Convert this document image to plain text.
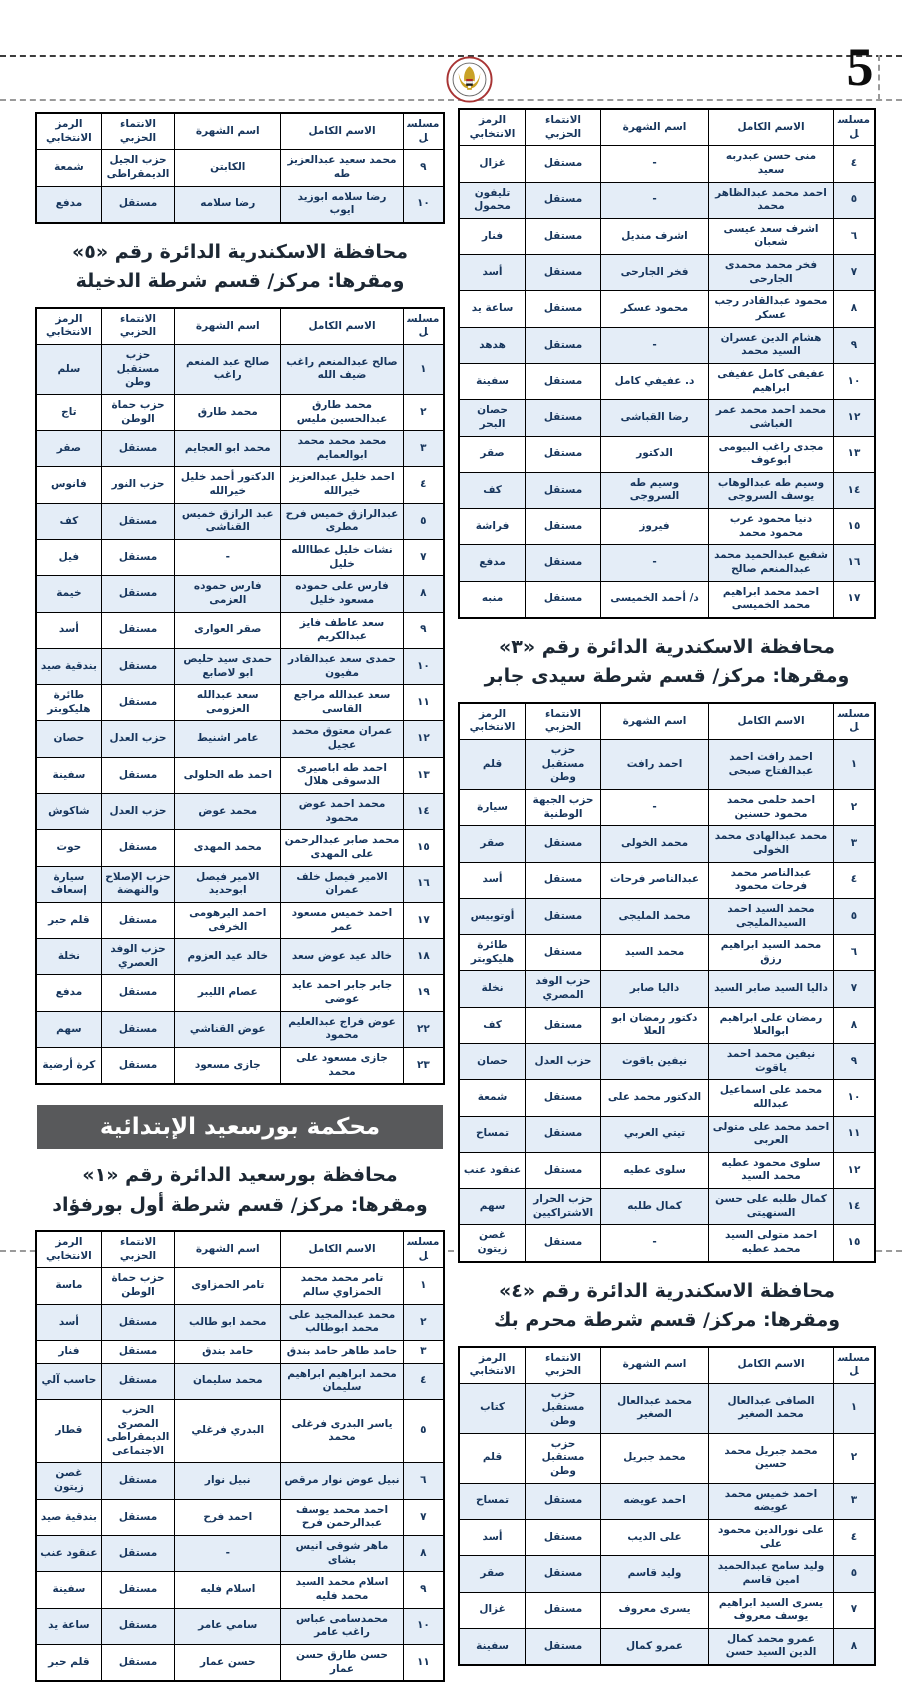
5
مسلسل	الاسم الكامل	اسم الشهرة	الانتماء الحزبي	الرمز الانتخابي
٩	محمد سعيد عبدالعزيز طه	الكابتن	حزب الجيل الديمقراطى	شمعة
١٠	رضا سلامه ابوزيد ايوب	رضا سلامه	مستقل	مدفع
محافظة الاسكندرية الدائرة رقم «٥»
ومقرها: مركز/ قسم شرطة الدخيلة
مسلسل	الاسم الكامل	اسم الشهرة	الانتماء الحزبي	الرمز الانتخابي
١	صالح عبدالمنعم راغب ضيف الله	صالح عبد المنعم راغب	حزب مستقبل وطن	سلم
٢	محمد طارق عبدالحسين مليس	محمد طارق	حزب حماة الوطن	تاج
٣	محمد محمد محمد ابوالعمايم	محمد ابو العجايم	مستقل	صقر
٤	احمد خليل عبدالعزيز خيرالله	الدكتور أحمد خليل خيرالله	حزب النور	فانوس
٥	عبدالرازق خميس فرح مطرى	عبد الرازق خميس القناشى	مستقل	كف
٧	نشات خليل عطاالله خليل	-	مستقل	فيل
٨	فارس على حموده مسعود خليل	فارس حموده العزمى	مستقل	خيمة
٩	سعد عاطف فايز عبدالكريم	صقر العوارى	مستقل	أسد
١٠	حمدى سعد عبدالقادر مفيون	حمدى سيد حليص ابو لاصابع	مستقل	بندقية صيد
١١	سعد عبدالله مراجع القاسى	سعد عبدالله العزومى	مستقل	طائرة هليكوبتر
١٢	عمران معتوق محمد عجيل	عامر اشنيط	حزب العدل	حصان
١٣	احمد طه اباصيرى الدسوقى هلال	احمد طه الحلولى	مستقل	سفينة
١٤	محمد احمد عوض محمود	محمد عوض	حزب العدل	شاكوش
١٥	محمد صابر عبدالرحمن على المهدى	محمد المهدى	مستقل	حوت
١٦	الامير فيصل خلف عمران	الامير فيصل ابوحديد	حزب الإصلاح والنهضة	سيارة إسعاف
١٧	احمد خميس مسعود عمر	احمد اليرهومى الخرفى	مستقل	قلم حبر
١٨	خالد عيد عوض سعد	خالد عيد العزوم	حزب الوفد العصري	نخلة
١٩	جابر جابر احمد عايد عوضى	عصام الليبر	مستقل	مدفع
٢٢	عوض فراج عبدالعليم محمود	عوض القناشي	مستقل	سهم
٢٣	جازى مسعود على محمد	جازى مسعود	مستقل	كرة أرضية
محكمة بورسعيد الإبتدائية
محافظة بورسعيد الدائرة رقم «١»
ومقرها: مركز/ قسم شرطة أول بورفؤاد
مسلسل	الاسم الكامل	اسم الشهرة	الانتماء الحزبي	الرمز الانتخابي
١	تامر محمد محمد الحمزاوي سالم	تامر الحمزاوى	حزب حماة الوطن	ماسة
٢	محمد عبدالمجيد على محمد ابوطالب	محمد ابو طالب	مستقل	أسد
٣	حامد طاهر حامد بندق	حامد بندق	مستقل	فنار
٤	محمد ابراهيم ابراهيم سليمان	محمد سليمان	مستقل	حاسب آلي
٥	ياسر البدرى فرغلى محمد	البدري فرغلي	الحزب المصرى الديمقراطى الاجتماعى	قطار
٦	نبيل عوض نوار مرقص	نبيل نوار	مستقل	غصن زيتون
٧	احمد محمد يوسف عبدالرحمن فرح	احمد فرح	مستقل	بندقية صيد
٨	ماهر شوقى انيس بشاى	-	مستقل	عنقود عنب
٩	اسلام محمد السيد محمد فليه	اسلام فليه	مستقل	سفينة
١٠	محمدسامى عباس راغب عامر	سامي عامر	مستقل	ساعة يد
١١	حسن طارق حسن عمار	حسن عمار	مستقل	قلم حبر
مسلسل	الاسم الكامل	اسم الشهرة	الانتماء الحزبي	الرمز الانتخابي
٤	منى حسن عبدربه سعيد	-	مستقل	غزال
٥	احمد محمد عبدالظاهر محمد	-	مستقل	تليفون محمول
٦	اشرف سعد عيسى شعبان	اشرف منديل	مستقل	فنار
٧	فخر محمد محمدى الجارحى	فخر الجارحى	مستقل	أسد
٨	محمود عبدالقادر رجب عسكر	محمود عسكر	مستقل	ساعة يد
٩	هشام الدين عسران السيد محمد	-	مستقل	هدهد
١٠	عفيفى كامل عفيفى ابراهيم	د. عفيفي كامل	مستقل	سفينة
١٢	محمد احمد محمد عمر الغباشى	رضا القباشى	مستقل	حصان البحر
١٣	مجدى راغب البيومى ابوعوف	الدكتور	مستقل	صقر
١٤	وسيم طه عبدالوهاب يوسف السروجى	وسيم طه السروجى	مستقل	كف
١٥	دنيا محمود عرب محمود محمد	فيروز	مستقل	فراشة
١٦	شفيع عبدالحميد محمد عبدالمنعم صالح	-	مستقل	مدفع
١٧	احمد محمد ابراهيم محمد الخميسى	د/ أحمد الخميسى	مستقل	منبه
محافظة الاسكندرية الدائرة رقم «٣»
ومقرها: مركز/ قسم شرطة سيدى جابر
مسلسل	الاسم الكامل	اسم الشهرة	الانتماء الحزبي	الرمز الانتخابي
١	احمد رافت احمد عبدالفتاح صبحى	احمد رافت	حزب مستقبل وطن	قلم
٢	احمد حلمى محمد محمود حسنين	-	حزب الجبهة الوطنية	سيارة
٣	محمد عبدالهادى محمد الخولى	محمد الخولى	مستقل	صقر
٤	عبدالناصر محمد فرحات محمود	عبدالناصر فرحات	مستقل	أسد
٥	محمد السيد احمد السيدالمليجى	محمد المليجى	مستقل	أوتوبيس
٦	محمد السيد ابراهيم رزق	محمد السيد	مستقل	طائرة هليكوبتر
٧	داليا السيد صابر السيد	داليا صابر	حزب الوفد المصري	نخلة
٨	رمضان على ابراهيم ابوالعلا	دكتور رمضان ابو العلا	مستقل	كف
٩	نيفين محمد احمد ياقوت	نيفين ياقوت	حزب العدل	حصان
١٠	محمد على اسماعيل عبدالله	الدكتور محمد على	مستقل	شمعة
١١	احمد محمد على متولى العربى	تيتي العربي	مستقل	تمساح
١٢	سلوى محمود عطيه محمد السيد	سلوى عطيه	مستقل	عنقود عنب
١٤	كمال طلبه على حسن السنهيتى	كمال طلبه	حزب الحرار الاشتراكيين	سهم
١٥	احمد متولى السيد محمد عطيه	-	مستقل	غصن زيتون
محافظة الاسكندرية الدائرة رقم «٤»
ومقرها: مركز/ قسم شرطة محرم بك
مسلسل	الاسم الكامل	اسم الشهرة	الانتماء الحزبي	الرمز الانتخابي
١	الصافى عبدالعال محمد الصغير	محمد عبدالعال الصغير	حزب مستقبل وطن	كتاب
٢	محمد جبريل محمد حسين	محمد جبريل	حزب مستقبل وطن	قلم
٣	احمد خميس محمد عويضه	احمد عويضه	مستقل	تمساح
٤	على نورالدين محمود على	على الديب	مستقل	أسد
٥	وليد سامح عبدالحميد امين قاسم	وليد قاسم	مستقل	صقر
٧	يسرى السيد ابراهيم يوسف معروف	يسرى معروف	مستقل	غزال
٨	عمرو محمد كمال الدين السيد حسن	عمرو كمال	مستقل	سفينة
